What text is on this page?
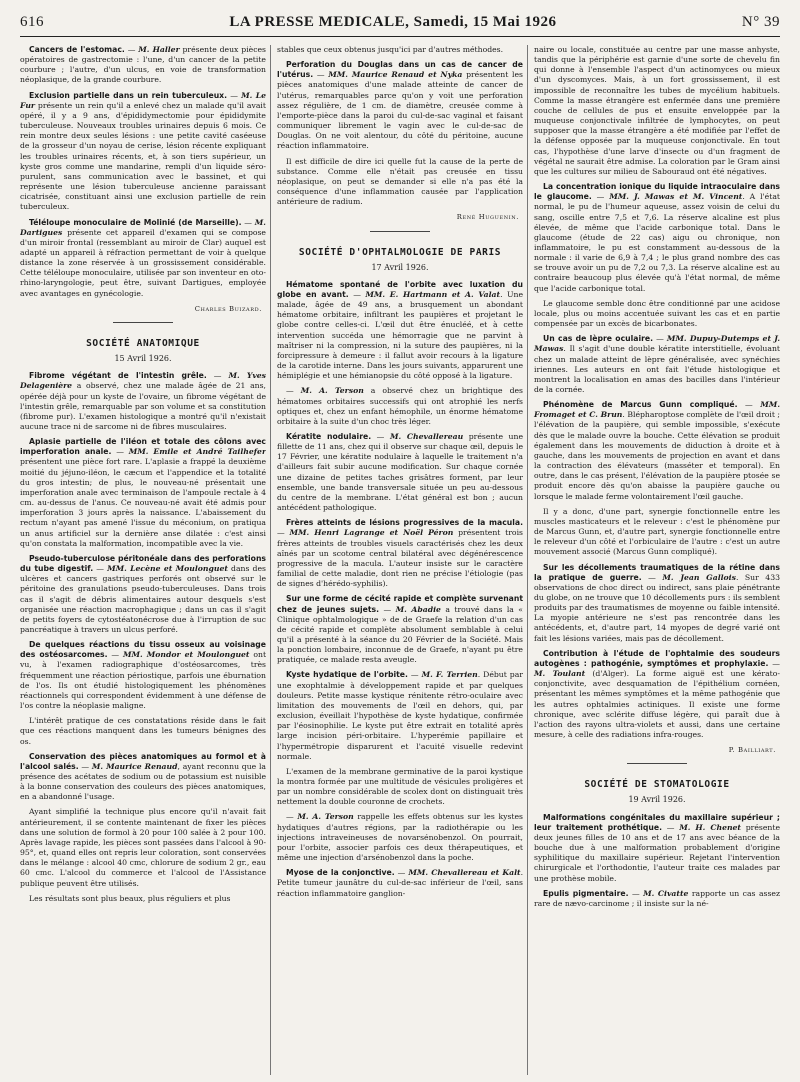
616	LA PRESSE MEDICALE, Samedi, 15 Mai 1926	N° 39

Cancers de l'estomac. — M. Haller présente deux pièces opératoires de gastrectomie : l'une, d'un cancer de la petite courbure ; l'autre, d'un ulcus, en voie de transformation néoplasique, de la grande courbure.

Exclusion partielle dans un rein tuberculeux. — M. Le Fur présente un rein qu'il a enlevé chez un malade qu'il avait opéré, il y a 9 ans, d'épididymectomie pour épididymite tuberculeuse. Nouveaux troubles urinaires depuis 6 mois. Ce rein montre deux seules lésions : une petite cavité caséeuse de la grosseur d'un noyau de cerise, lésion récente expliquant les troubles urinaires récents, et, à son tiers supérieur, un kyste gros comme une mandarine, rempli d'un liquide séro-purulent, sans communication avec le bassinet, et qui représente une lésion tuberculeuse ancienne paraissant cicatrisée, constituant ainsi une exclusion partielle de rein tuberculeux.

Téléloupe monoculaire de Molinié (de Marseille). — M. Dartigues présente cet appareil d'examen qui se compose d'un miroir frontal (ressemblant au miroir de Clar) auquel est adapté un appareil à réfraction permettant de voir à quelque distance la zone réservée à un grossissement considérable. Cette téléloupe monoculaire, utilisée par son inventeur en oto-rhino-laryngologie, peut être, suivant Dartigues, employée avec avantages en gynécologie.

Charles Buizard.
SOCIÉTÉ ANATOMIQUE
15 Avril 1926.

Fibrome végétant de l'intestin grêle. — M. Yves Delagenière a observé, chez une malade âgée de 21 ans, opérée déjà pour un kyste de l'ovaire, un fibrome végétant de l'intestin grêle, remarquable par son volume et sa constitution (fibrome pur). L'examen histologique a montré qu'il n'existait aucune trace ni de sarcome ni de fibres musculaires.

Aplasie partielle de l'iléon et totale des côlons avec imperforation anale. — MM. Emile et André Tailhefer présentent une pièce fort rare. L'aplasie a frappé la deuxième moitié du jéjuno-iléon, le cæcum et l'appendice et la totalité du gros intestin; de plus, le nouveau-né présentait une imperforation anale avec terminaison de l'ampoule rectale à 4 cm. au-dessus de l'anus. Ce nouveau-né avait été admis pour imperforation 3 jours après la naissance. L'abaissement du rectum n'ayant pas amené l'issue du méconium, on pratiqua un anus artificiel sur la dernière anse dilatée : c'est ainsi qu'on constata la malformation, incompatible avec la vie.

Pseudo-tuberculose péritonéale dans des perforations du tube digestif. — MM. Lecène et Moulonguet dans des ulcères et cancers gastriques perforés ont observé sur le péritoine des granulations pseudo-tuberculeuses. Dans trois cas il s'agit de débris alimentaires autour desquels s'est organisée une réaction macrophagique ; dans un cas il s'agit de petits foyers de cytostéatonécrose due à l'irruption de suc pancréatique à travers un ulcus perforé.

De quelques réactions du tissu osseux au voisinage des ostéosarcomes. — MM. Mondor et Moulonguet ont vu, à l'examen radiographique d'ostéosarcomes, très fréquemment une réaction périostique, parfois une éburnation de l'os. Ils ont étudié histologiquement les phénomènes réactionnels qui correspondent évidemment à une défense de l'os contre la néoplasie maligne.

L'intérêt pratique de ces constatations réside dans le fait que ces réactions manquent dans les tumeurs bénignes des os.

Conservation des pièces anatomiques au formol et à l'alcool salés. — M. Maurice Renaud, ayant reconnu que la présence des acétates de sodium ou de potassium est nuisible à la bonne conservation des couleurs des pièces anatomiques, en a abandonné l'usage.

Ayant simplifié la technique plus encore qu'il n'avait fait antérieurement, il se contente maintenant de fixer les pièces dans une solution de formol à 20 pour 100 salée à 2 pour 100. Après lavage rapide, les pièces sont passées dans l'alcool à 90-95°, et, quand elles ont repris leur coloration, sont conservées dans le mélange : alcool 40 cmc, chlorure de sodium 2 gr., eau 60 cmc. L'alcool du commerce et l'alcool de l'Assistance publique peuvent être utilisés.

Les résultats sont plus beaux, plus réguliers et plus

stables que ceux obtenus jusqu'ici par d'autres méthodes.

Perforation du Douglas dans un cas de cancer de l'utérus. — MM. Maurice Renaud et Nyka présentent les pièces anatomiques d'une malade atteinte de cancer de l'utérus, remarquables parce qu'on y voit une perforation assez régulière, de 1 cm. de diamètre, creusée comme à l'emporte-pièce dans la paroi du cul-de-sac vaginal et faisant communiquer librement le vagin avec le cul-de-sac de Douglas. On ne voit alentour, du côté du péritoine, aucune réaction inflammatoire.

Il est difficile de dire ici quelle fut la cause de la perte de substance. Comme elle n'était pas creusée en tissu néoplasique, on peut se demander si elle n'a pas été la conséquence d'une inflammation causée par l'application antérieure de radium.

René Huguenin.
SOCIÉTÉ D'OPHTALMOLOGIE DE PARIS
17 Avril 1926.

Hématome spontané de l'orbite avec luxation du globe en avant. — MM. E. Hartmann et A. Valat. Une malade, âgée de 49 ans, a brusquement un abondant hématome orbitaire, infiltrant les paupières et projetant le globe contre celles-ci. L'œil dut être énucléé, et à cette intervention succéda une hémorragie que ne parvint à maîtriser ni la compression, ni la suture des paupières, ni la forcipressure à demeure : il fallut avoir recours à la ligature de la carotide interne. Dans les jours suivants, apparurent une hémiplégie et une hémianopsie du côté opposé à la ligature.

— M. A. Terson a observé chez un brightique des hématomes orbitaires successifs qui ont atrophié les nerfs optiques et, chez un enfant hémophile, un énorme hématome orbitaire à la suite d'un choc très léger.

Kératite nodulaire. — M. Chevallereau présente une fillette de 11 ans, chez qui il observe sur chaque œil, depuis le 17 Février, une kératite nodulaire à laquelle le traitement n'a d'ailleurs fait subir aucune modification. Sur chaque cornée une dizaine de petites taches grisâtres forment, par leur ensemble, une bande transversale située un peu au-dessous du centre de la membrane. L'état général est bon ; aucun antécédent pathologique.

Frères atteints de lésions progressives de la macula. — MM. Henri Lagrange et Noël Péron présentent trois frères atteints de troubles visuels caractérisés chez les deux aînés par un scotome central bilatéral avec dégénérescence progressive de la macula. L'auteur insiste sur le caractère familial de cette maladie, dont rien ne précise l'étiologie (pas de signes d'hérédo-syphilis).

Sur une forme de cécité rapide et complète survenant chez de jeunes sujets. — M. Abadie a trouvé dans la « Clinique ophtalmologique » de de Graefe la relation d'un cas de cécité rapide et complète absolument semblable à celui qu'il a présenté à la séance du 20 Février de la Société. Mais la ponction lombaire, inconnue de de Graefe, n'ayant pu être pratiquée, ce malade resta aveugle.

Kyste hydatique de l'orbite. — M. F. Terrien. Début par une exophtalmie à développement rapide et par quelques douleurs. Petite masse kystique rénitente rétro-oculaire avec limitation des mouvements de l'œil en dehors, qui, par exclusion, éveillait l'hypothèse de kyste hydatique, confirmée par l'éosinophilie. Le kyste put être extrait en totalité après large incision péri-orbitaire. L'hyperémie papillaire et l'hypermétropie disparurent et l'acuité visuelle redevint normale.

L'examen de la membrane germinative de la paroi kystique la montra formée par une multitude de vésicules proligères et par un nombre considérable de scolex dont on distinguait très nettement la double couronne de crochets.

— M. A. Terson rappelle les effets obtenus sur les kystes hydatiques d'autres régions, par la radiothérapie ou les injections intraveineuses de novarsénobenzol. On pourrait, pour l'orbite, associer parfois ces deux thérapeutiques, et même une injection d'arsénobenzol dans la poche.

Myose de la conjonctive. — MM. Chevallereau et Kalt. Petite tumeur jaunâtre du cul-de-sac inférieur de l'œil, sans réaction inflammatoire ganglion-

naire ou locale, constituée au centre par une masse anhyste, tandis que la périphérie est garnie d'une sorte de chevelu fin qui donne à l'ensemble l'aspect d'un actinomyces ou mieux d'un dyscomyces. Mais, à un fort grossissement, il est impossible de reconnaître les tubes de mycélium habituels. Comme la masse étrangère est enfermée dans une première couche de cellules de pus et ensuite enveloppée par la muqueuse conjonctivale infiltrée de lymphocytes, on peut supposer que la masse étrangère a été modifiée par l'effet de la défense opposée par la muqueuse conjonctivale. En tout cas, l'hypothèse d'une larve d'insecte ou d'un fragment de végétal ne saurait être admise. La coloration par le Gram ainsi que les cultures sur milieu de Sabouraud ont été négatives.

La concentration ionique du liquide intraoculaire dans le glaucome. — MM. J. Mawas et M. Vincent. A l'état normal, le pu de l'humeur aqueuse, assez voisin de celui du sang, oscille entre 7,5 et 7,6. La réserve alcaline est plus élevée, de même que l'acide carbonique total. Dans le glaucome (étude de 22 cas) aigu ou chronique, non inflammatoire, le pu est constamment au-dessous de la normale : il varie de 6,9 à 7,4 ; le plus grand nombre des cas se trouve avoir un pu de 7,2 ou 7,3. La réserve alcaline est au contraire beaucoup plus élevée qu'à l'état normal, de même que l'acide carbonique total.

Le glaucome semble donc être conditionné par une acidose locale, plus ou moins accentuée suivant les cas et en partie compensée par un excès de bicarbonates.

Un cas de lèpre oculaire. — MM. Dupuy-Dutemps et J. Mawas. Il s'agit d'une double kératite interstitielle, évoluant chez un malade atteint de lèpre généralisée, avec synéchies iriennes. Les auteurs en ont fait l'étude histologique et montrent la localisation en amas des bacilles dans l'intérieur de la cornée.

Phénomène de Marcus Gunn compliqué. — MM. Fromaget et C. Brun. Blépharoptose complète de l'œil droit ; l'élévation de la paupière, qui semble impossible, s'exécute dès que le malade ouvre la bouche. Cette élévation se produit également dans les mouvements de diduction à droite et à gauche, dans les mouvements de projection en avant et dans la contraction des élévateurs (masséter et temporal). En outre, dans le cas présent, l'élévation de la paupière ptosée se produit encore dès qu'on abaisse la paupière gauche ou lorsque le malade ferme volontairement l'œil gauche.

Il y a donc, d'une part, synergie fonctionnelle entre les muscles masticateurs et le releveur : c'est le phénomène pur de Marcus Gunn, et, d'autre part, synergie fonctionnelle entre le releveur d'un côté et l'orbiculaire de l'autre : c'est un autre mouvement associé (Marcus Gunn compliqué).

Sur les décollements traumatiques de la rétine dans la pratique de guerre. — M. Jean Gallois. Sur 433 observations de choc direct ou indirect, sans plaie pénétrante du globe, on ne trouve que 10 décollements purs : ils semblent produits par des traumatismes de moyenne ou faible intensité. La myopie antérieure ne s'est pas rencontrée dans les antécédents, et, d'autre part, 14 myopes de degré varié ont fait les lésions variées, mais pas de décollement.

Contribution à l'étude de l'ophtalmie des soudeurs autogènes : pathogénie, symptômes et prophylaxie. — M. Toulant (d'Alger). La forme aiguë est une kérato-conjonctivite, avec desquamation de l'épithélium cornéen, présentant les mêmes symptômes et la même pathogénie que les autres ophtalmies actiniques. Il existe une forme chronique, avec sclérite diffuse légère, qui paraît due à l'action des rayons ultra-violets et aussi, dans une certaine mesure, à celle des radiations infra-rouges.

P. Bailliart.
SOCIÉTÉ DE STOMATOLOGIE
19 Avril 1926.

Malformations congénitales du maxillaire supérieur ; leur traitement prothétique. — M. H. Chenet présente deux jeunes filles de 10 ans et de 17 ans avec béance de la bouche due à une malformation probablement d'origine syphilitique du maxillaire supérieur. Rejetant l'intervention chirurgicale et l'orthodontie, l'auteur traite ces malades par une prothèse mobile.

Epulis pigmentaire. — M. Civatte rapporte un cas assez rare de nævo-carcinome ; il insiste sur la né-
